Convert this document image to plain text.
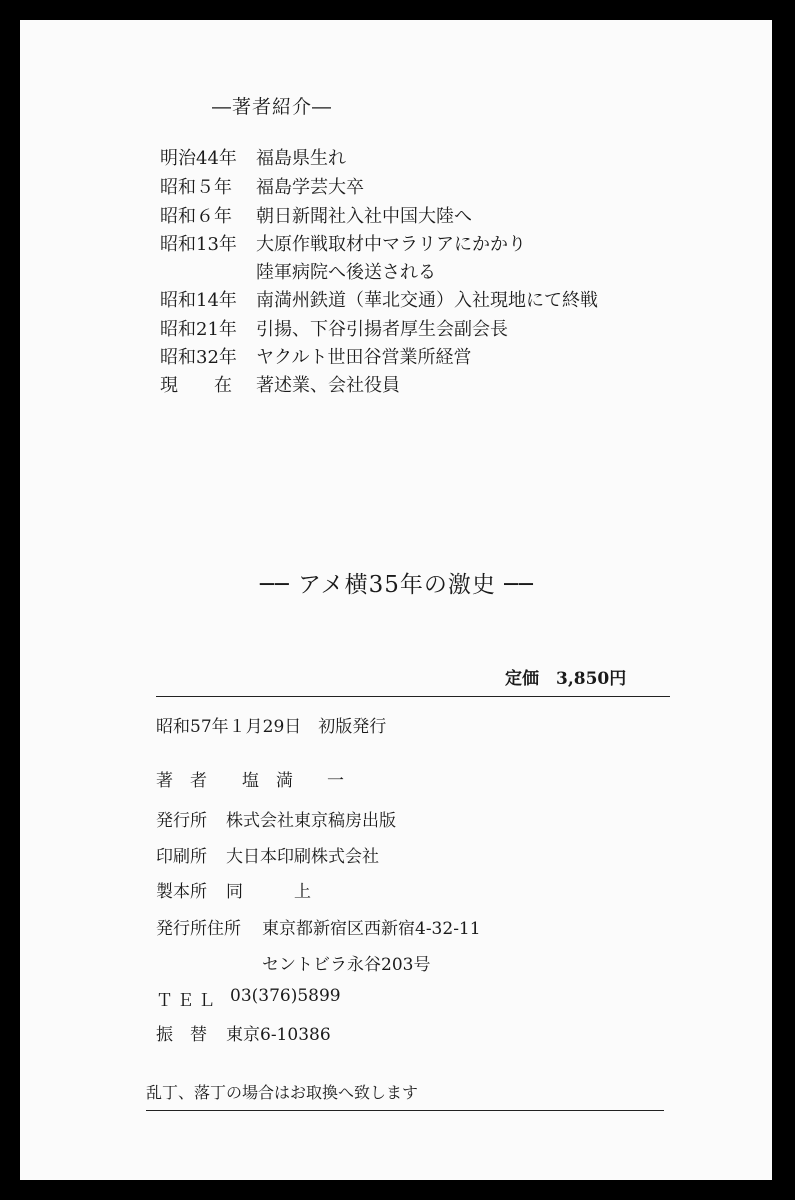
―著者紹介―
明治44年	福島県生れ
昭和５年	福島学芸大卒
昭和６年	朝日新聞社入社中国大陸へ
昭和13年	大原作戦取材中マラリアにかかり
陸軍病院へ後送される
昭和14年	南満州鉄道（華北交通）入社現地にて終戦
昭和21年	引揚、下谷引揚者厚生会副会長
昭和32年	ヤクルト世田谷営業所経営
現　　在	著述業、会社役員
── アメ横35年の激史 ──
定価　3,850円
昭和57年１月29日　初版発行
著　者 塩　満　　一
発行所 株式会社東京稿房出版
印刷所 大日本印刷株式会社
製本所 同　　　上
発行所住所 東京都新宿区西新宿4-32-11
セントビラ永谷203号
ＴＥＬ 03(376)5899
振　替 東京6-10386
乱丁、落丁の場合はお取換へ致します
